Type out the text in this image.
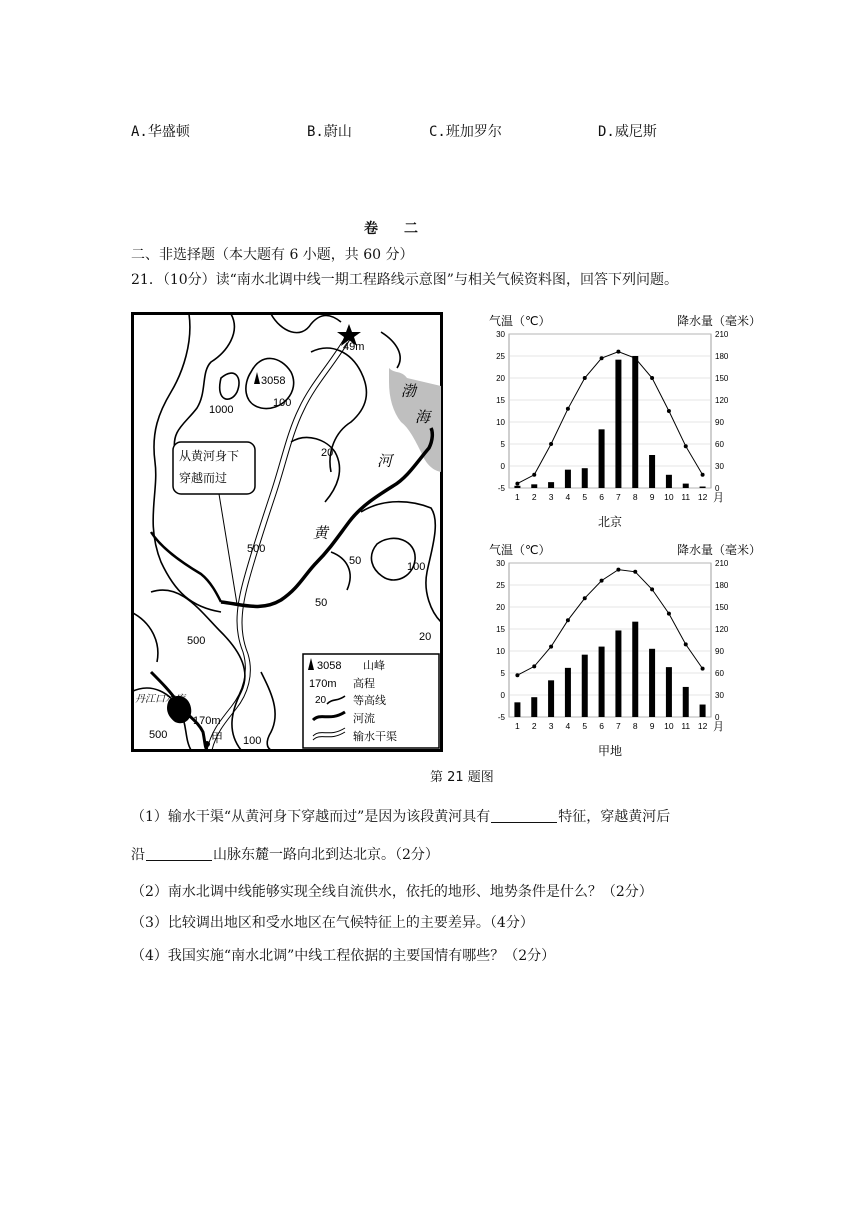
A.华盛顿	B.蔚山	C.班加罗尔	D.威尼斯
卷　二
二、非选择题（本大题有 6 小题，共 60 分）
21．（10分）读“南水北调中线一期工程路线示意图”与相关气候资料图，回答下列问题。
从黄河身下
穿越而过
3058
49m
1000
100
20
500
50
50
100
500	20
500	100
170m
河
黄
渤
海
丹江口水库
甲
3058 山峰
170m 高程
20 等高线
河流
输水干渠
气温（℃）	降水量（毫米）
30
25
20
15
10
5
0
-5
210
180
150
120
90
60
30
0
1 2 3 4 5 6 7 8 9 10 11 12 月
北京
气温（℃）	降水量（毫米）
30
25
20
15
10
5
0
-5
210
180
150
120
90
60
30
0
1 2 3 4 5 6 7 8 9 10 11 12 月
甲地
第 21 题图
（1）输水干渠“从黄河身下穿越而过”是因为该段黄河具有	特征，穿越黄河后
沿	山脉东麓一路向北到达北京。（2分）
（2）南水北调中线能够实现全线自流供水，依托的地形、地势条件是什么？（2分）
（3）比较调出地区和受水地区在气候特征上的主要差异。（4分）
（4）我国实施“南水北调”中线工程依据的主要国情有哪些？（2分）
